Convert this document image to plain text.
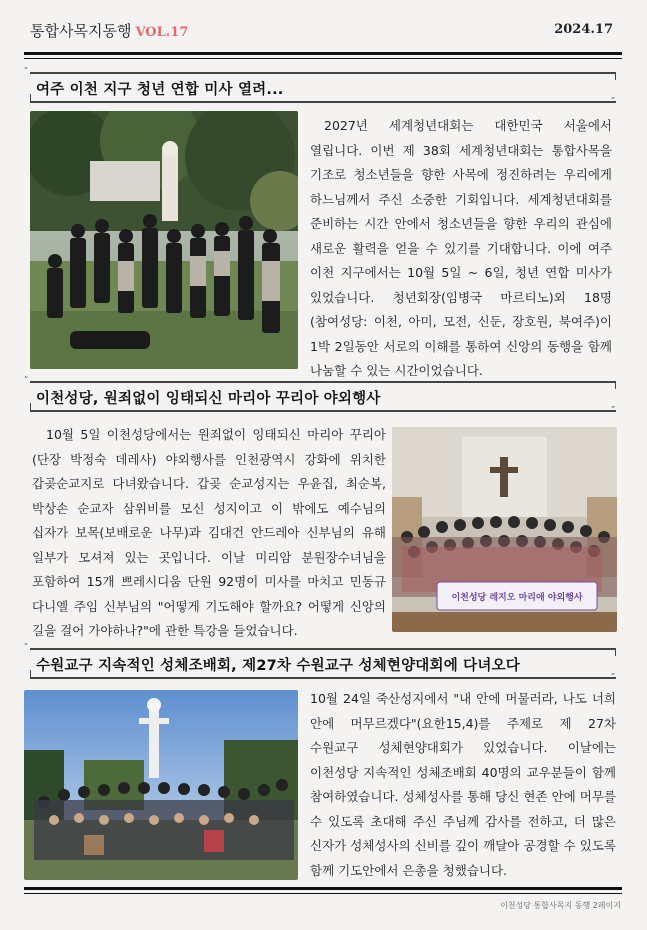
통합사목지동행 VOL.17	2024.17
여주 이천 지구 청년 연합 미사 열려...
“
”
2027년 세계청년대회는 대한민국 서울에서 열립니다. 이번 제 38회 세계청년대회는 통합사목을 기조로 청소년들을 향한 사목에 정진하려는 우리에게 하느님께서 주신 소중한 기회입니다. 세계청년대회를 준비하는 시간 안에서 청소년들을 향한 우리의 관심에 새로운 활력을 얻을 수 있기를 기대합니다. 이에 여주 이천 지구에서는 10월 5일 ~ 6일, 청년 연합 미사가 있었습니다. 청년회장(임병국 마르티노)외 18명(참여성당: 이천, 아미, 모전, 신둔, 장호원, 북여주)이 1박 2일동안 서로의 이해를 통하여 신앙의 동행을 함께 나눔할 수 있는 시간이었습니다.
이천성당, 원죄없이 잉태되신 마리아 꾸리아 야외행사
“
”
10월 5일 이천성당에서는 원죄없이 잉태되신 마리아 꾸리아 (단장 박정숙 데레사) 야외행사를 인천광역시 강화에 위치한 갑곶순교지로 다녀왔습니다. 갑곶 순교성지는 우윤집, 최순복, 박상손 순교자 삼위비를 모신 성지이고 이 밖에도 예수님의 십자가 보목(보배로운 나무)과 김대건 안드레아 신부님의 유해 일부가 모셔져 있는 곳입니다. 이날 미리암 분원장수녀님을 포함하여 15개 쁘레시디움 단원 92명이 미사를 마치고 민동규 다니엘 주임 신부님의 "어떻게 기도해야 할까요? 어떻게 신앙의 길을 걸어 가야하나?"에 관한 특강을 들었습니다.
이천성당 레지오 마리애 야외행사
수원교구 지속적인 성체조배회, 제27차 수원교구 성체현양대회에 다녀오다
“
”
10월 24일 죽산성지에서 "내 안에 머물러라, 나도 너희 안에 머무르겠다"(요한15,4)를 주제로 제 27차 수원교구 성체현양대회가 있었습니다. 이날에는 이천성당 지속적인 성체조배회 40명의 교우분들이 함께 참여하였습니다. 성체성사를 통해 당신 현존 안에 머무를 수 있도록 초대해 주신 주님께 감사를 전하고, 더 많은 신자가 성체성사의 신비를 깊이 깨달아 공경할 수 있도록 함께 기도안에서 은총을 청했습니다.
이천성당 통합사목지 동행 2페이지
